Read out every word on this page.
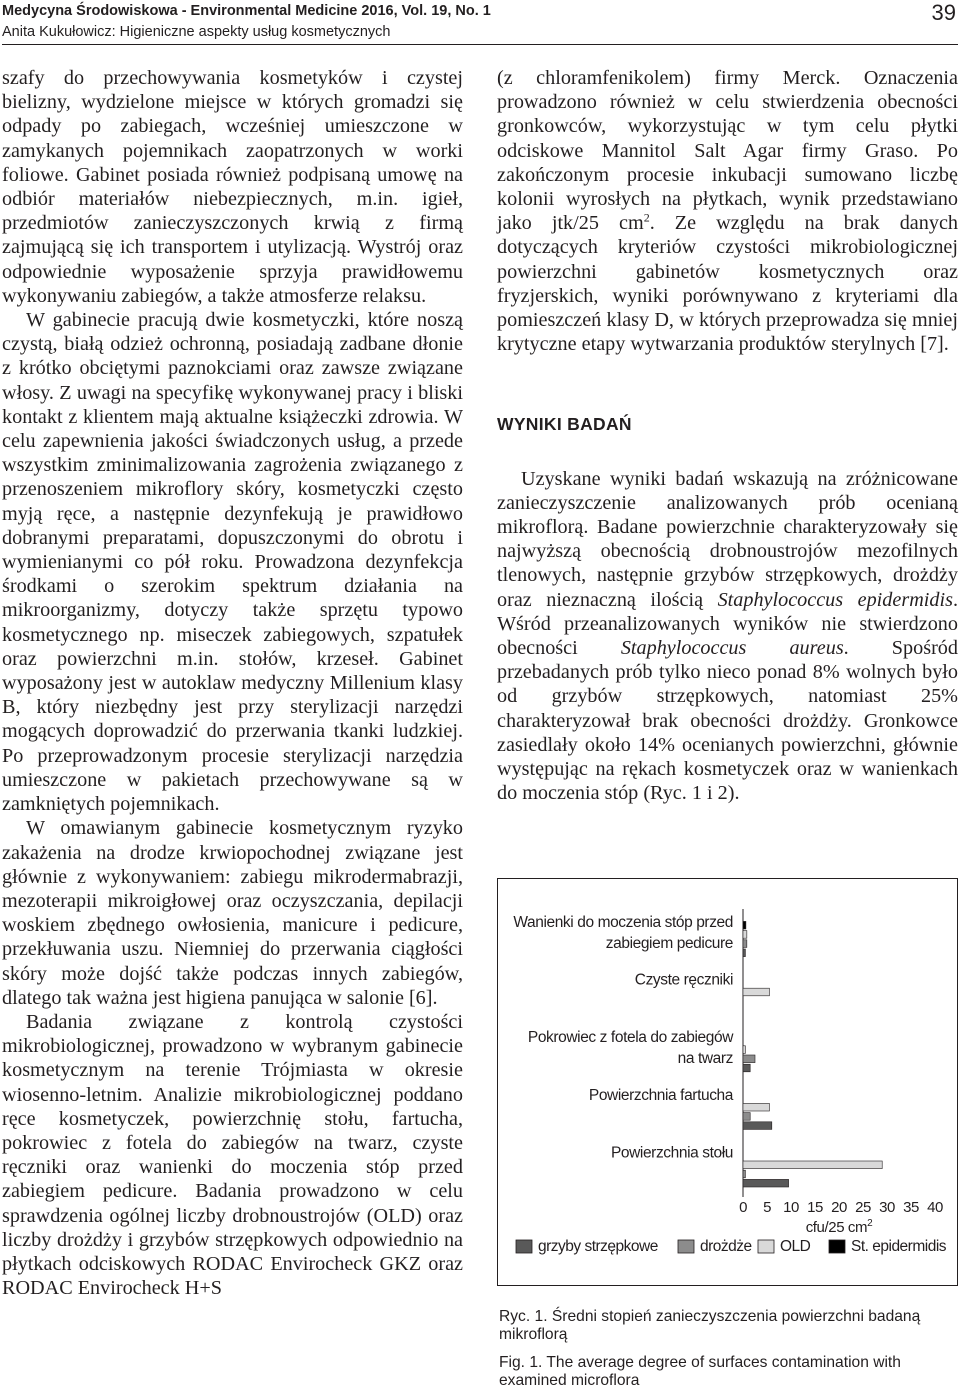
Medycyna Środowiskowa - Environmental Medicine 2016, Vol. 19, No. 1
Anita Kukułowicz: Higieniczne aspekty usług kosmetycznych
39

szafy do przechowywania kosmetyków i czystej bielizny, wydzielone miejsce w których gromadzi się odpady po zabiegach, wcześniej umieszczone w zamykanych pojemnikach zaopatrzonych w worki foliowe. Gabinet posiada również podpisaną umowę na odbiór materiałów niebezpiecznych, m.in. igieł, przedmiotów zanieczyszczonych krwią z firmą zajmującą się ich transportem i utylizacją. Wystrój oraz odpowiednie wyposażenie sprzyja prawidłowemu wykonywaniu zabiegów, a także atmosferze relaksu.

W gabinecie pracują dwie kosmetyczki, które noszą czystą, białą odzież ochronną, posiadają zadbane dłonie z krótko obciętymi paznokciami oraz zawsze związane włosy. Z uwagi na specyfikę wykonywanej pracy i bliski kontakt z klientem mają aktualne książeczki zdrowia. W celu zapewnienia jakości świadczonych usług, a przede wszystkim zminimalizowania zagrożenia związanego z przenoszeniem mikroflory skóry, kosmetyczki często myją ręce, a następnie dezynfekują je prawidłowo dobranymi preparatami, dopuszczonymi do obrotu i wymienianymi co pół roku. Prowadzona dezynfekcja środkami o szerokim spektrum działania na mikroorganizmy, dotyczy także sprzętu typowo kosmetycznego np. miseczek zabiegowych, szpatułek oraz powierzchni m.in. stołów, krzeseł. Gabinet wyposażony jest w autoklaw medyczny Millenium klasy B, który niezbędny jest przy sterylizacji narzędzi mogących doprowadzić do przerwania tkanki ludzkiej. Po przeprowadzonym procesie sterylizacji narzędzia umieszczone w pakietach przechowywane są w zamkniętych pojemnikach.

W omawianym gabinecie kosmetycznym ryzyko zakażenia na drodze krwiopochodnej związane jest głównie z wykonywaniem: zabiegu mikrodermabrazji, mezoterapii mikroigłowej oraz oczyszczania, depilacji woskiem zbędnego owłosienia, manicure i pedicure, przekłuwania uszu. Niemniej do przerwania ciągłości skóry może dojść także podczas innych zabiegów, dlatego tak ważna jest higiena panująca w salonie [6].

Badania związane z kontrolą czystości mikrobiologicznej, prowadzono w wybranym gabinecie kosmetycznym na terenie Trójmiasta w okresie wiosenno-letnim. Analizie mikrobiologicznej poddano ręce kosmetyczek, powierzchnię stołu, fartucha, pokrowiec z fotela do zabiegów na twarz, czyste ręczniki oraz wanienki do moczenia stóp przed zabiegiem pedicure. Badania prowadzono w celu sprawdzenia ogólnej liczby drobnoustrojów (OLD) oraz liczby drożdży i grzybów strzępkowych odpowiednio na płytkach odciskowych RODAC Envirocheck GKZ oraz RODAC Envirocheck H+S

(z chloramfenikolem) firmy Merck. Oznaczenia prowadzono również w celu stwierdzenia obecności gronkowców, wykorzystując w tym celu płytki odciskowe Mannitol Salt Agar firmy Graso. Po zakończonym procesie inkubacji sumowano liczbę kolonii wyrosłych na płytkach, wynik przedstawiano jako jtk/25 $cm^2$. Ze względu na brak danych dotyczących kryteriów czystości mikrobiologicznej powierzchni gabinetów kosmetycznych oraz fryzjerskich, wyniki porównywano z kryteriami dla pomieszczeń klasy D, w których przeprowadza się mniej krytyczne etapy wytwarzania produktów sterylnych [7].

WYNIKI BADAŃ

Uzyskane wyniki badań wskazują na zróżnicowane zanieczyszczenie analizowanych prób ocenianą mikroflorą. Badane powierzchnie charakteryzowały się najwyższą obecnością drobnoustrojów mezofilnych tlenowych, następnie grzybów strzępkowych, drożdży oraz nieznaczną ilością Staphylococcus epidermidis. Wśród przeanalizowanych wyników nie stwierdzono obecności Staphylococcus aureus. Spośród przebadanych prób tylko nieco ponad 8% wolnych było od grzybów strzępkowych, natomiast 25% charakteryzował brak obecności drożdży. Gronkowce zasiedlały około 14% ocenianych powierzchni, głównie występując na rękach kosmetyczek oraz w wanienkach do moczenia stóp (Ryc. 1 i 2).

Wanienki do moczenia stóp przed
zabiegiem pedicure
Czyste ręczniki
Pokrowiec z fotela do zabiegów
na twarz
Powierzchnia fartucha
Powierzchnia stołu
0 5 10 15 20 25 30 35 40
cfu/25 $cm^2$
grzyby strzępkowe	drożdże OLD	St. epidermidis
Ryc. 1. Średni stopień zanieczyszczenia powierzchni badaną mikroflorą
Fig. 1. The average degree of surfaces contamination with examined microflora
